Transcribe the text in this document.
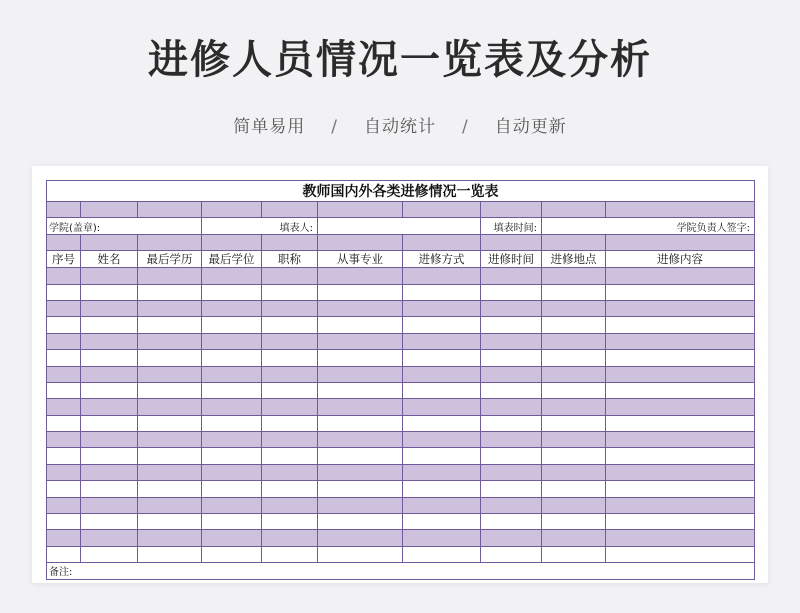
进修人员情况一览表及分析
简单易用 / 自动统计 / 自动更新
教师国内外各类进修情况一览表									

学院(盖章):			填表人:				填表时间:	学院负责人签字:	

序号	姓名	最后学历	最后学位	职称	从事专业	进修方式	进修时间	进修地点	进修内容

备注:									
